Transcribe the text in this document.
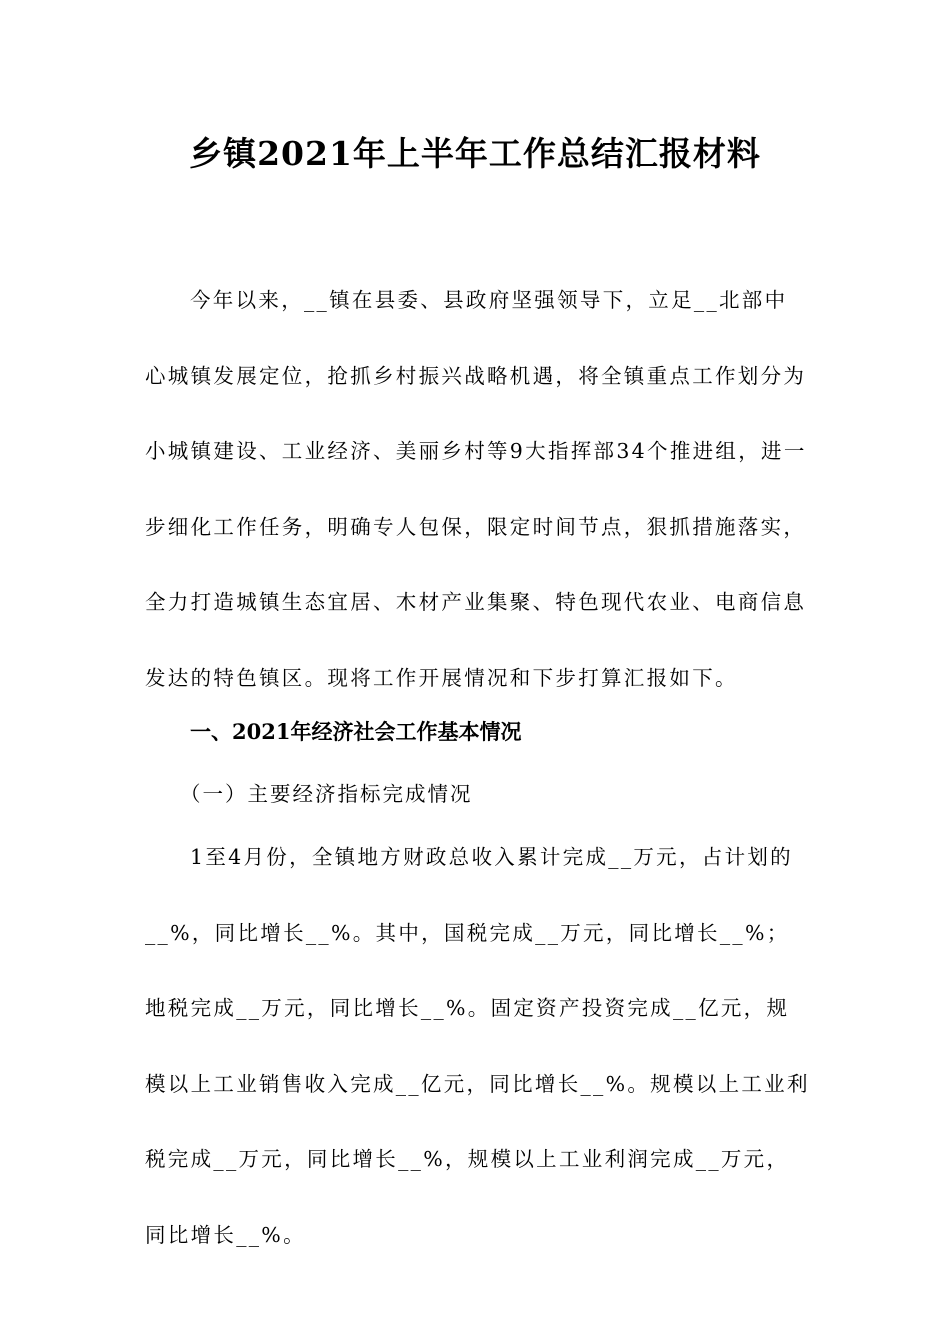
乡镇2021年上半年工作总结汇报材料

今年以来，__镇在县委、县政府坚强领导下，立足__北部中心城镇发展定位，抢抓乡村振兴战略机遇，将全镇重点工作划分为小城镇建设、工业经济、美丽乡村等9大指挥部34个推进组，进一步细化工作任务，明确专人包保，限定时间节点，狠抓措施落实，全力打造城镇生态宜居、木材产业集聚、特色现代农业、电商信息发达的特色镇区。现将工作开展情况和下步打算汇报如下。

一、2021年经济社会工作基本情况

（一）主要经济指标完成情况

1至4月份，全镇地方财政总收入累计完成__万元，占计划的__%，同比增长__%。其中，国税完成__万元，同比增长__%；地税完成__万元，同比增长__%。固定资产投资完成__亿元，规模以上工业销售收入完成__亿元，同比增长__%。规模以上工业利税完成__万元，同比增长__%，规模以上工业利润完成__万元，同比增长__%。
